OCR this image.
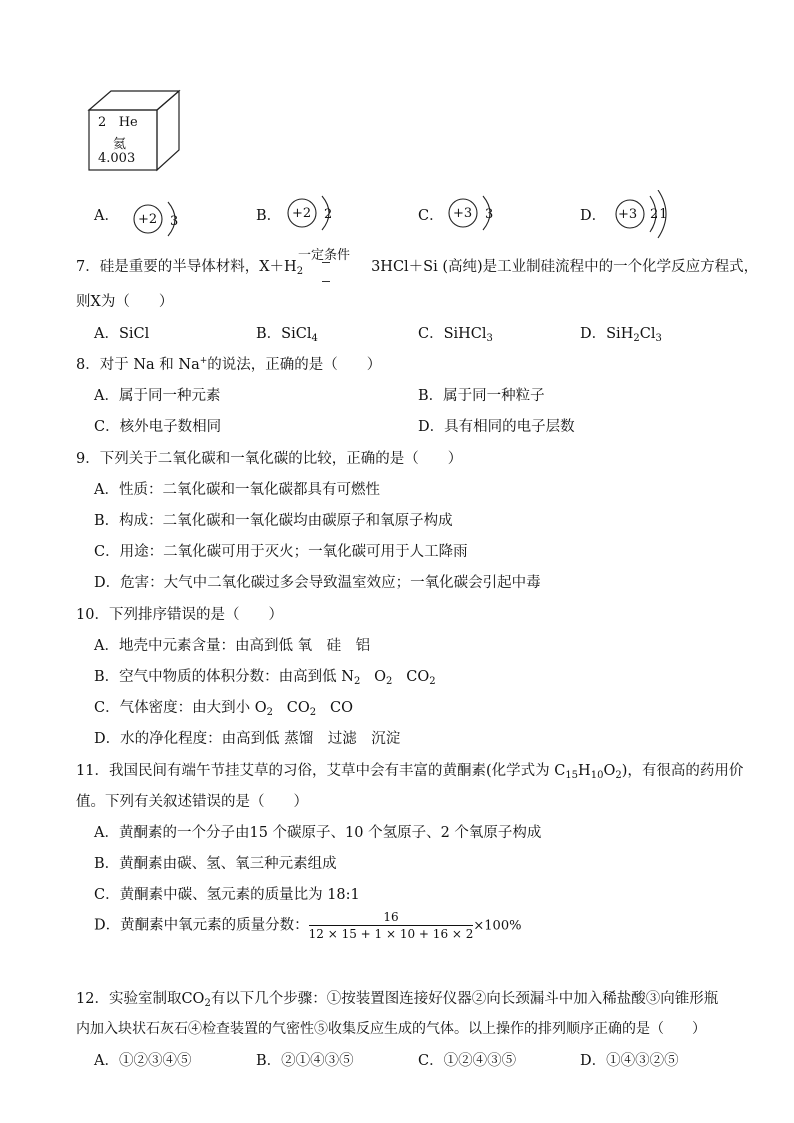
2 He
氦
4.003
A． +2 3	B． +2 2	C． +3 3	D． +3 21
7．硅是重要的半导体材料，$X+H_2$	3HCl＋Si (高纯)是工业制硅流程中的一个化学反应方程式，
一定条件
则X为（　　）
A．SiCl	B．SiCl$_4$	C．SiHCl$_3$	D．$SiH_2Cl_3$
8．对于 Na 和 Na+的说法，正确的是（　　）
A．属于同一种元素	B．属于同一种粒子
C．核外电子数相同	D．具有相同的电子层数
9．下列关于二氧化碳和一氧化碳的比较，正确的是（　　）
A．性质：二氧化碳和一氧化碳都具有可燃性
B．构成：二氧化碳和一氧化碳均由碳原子和氧原子构成
C．用途：二氧化碳可用于灭火；一氧化碳可用于人工降雨
D．危害：大气中二氧化碳过多会导致温室效应；一氧化碳会引起中毒
10．下列排序错误的是（　　）
A．地壳中元素含量：由高到低 氧　硅　铝
B．空气中物质的体积分数：由高到低 $N_2$   $O_2$   $CO_2$
C．气体密度：由大到小 $O_2$   $CO_2$   CO
D．水的净化程度：由高到低 蒸馏　过滤　沉淀
11．我国民间有端午节挂艾草的习俗，艾草中会有丰富的黄酮素(化学式为 $C_{15}H_{10}O_2$)，有很高的药用价
值。下列有关叙述错误的是（　　）
A．黄酮素的一个分子由15 个碳原子、10 个氢原子、2 个氧原子构成
B．黄酮素由碳、氢、氧三种元素组成
C．黄酮素中碳、氢元素的质量比为 18:1
D．黄酮素中氧元素的质量分数： $\frac{16}{12 \times 15 + 1 \times 10 + 16 \times 2} \times 100\%$
12．实验室制取$CO_2$有以下几个步骤：①按装置图连接好仪器②向长颈漏斗中加入稀盐酸③向锥形瓶
内加入块状石灰石④检查装置的气密性⑤收集反应生成的气体。以上操作的排列顺序正确的是（　　）
A．①②③④⑤	B．②①④③⑤	C．①②④③⑤	D．①④③②⑤
